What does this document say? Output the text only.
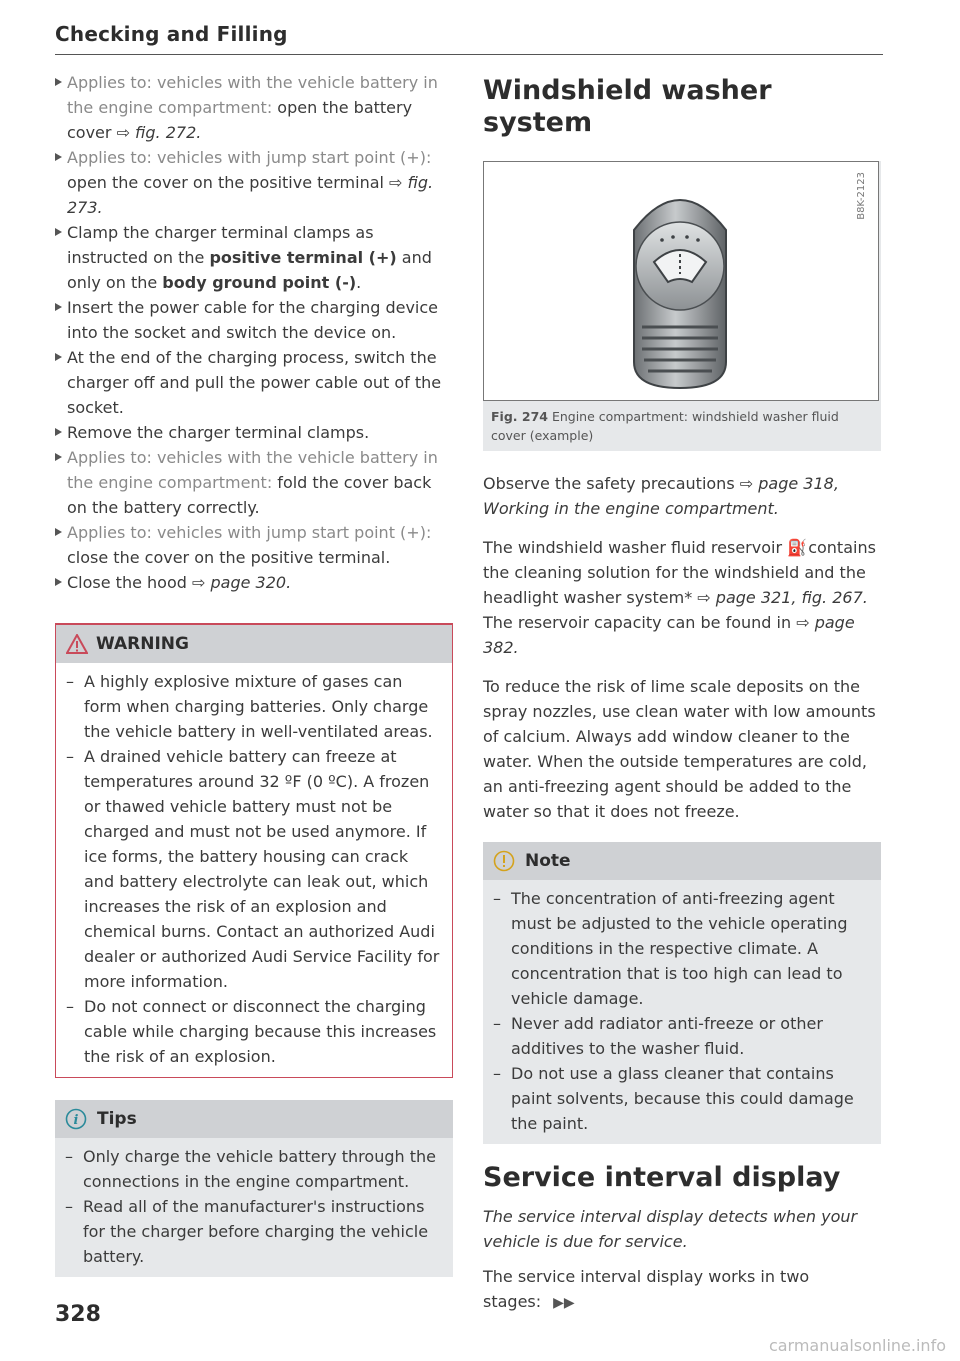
Checking and Filling

Applies to: vehicles with the vehicle battery in the engine compartment: open the battery cover ⇨ fig. 272.

Applies to: vehicles with jump start point (+): open the cover on the positive terminal ⇨ fig. 273.

Clamp the charger terminal clamps as instructed on the positive terminal (+) and only on the body ground point (-).

Insert the power cable for the charging device into the socket and switch the device on.

At the end of the charging process, switch the charger off and pull the power cable out of the socket.

Remove the charger terminal clamps.

Applies to: vehicles with the vehicle battery in the engine compartment: fold the cover back on the battery correctly.

Applies to: vehicles with jump start point (+): close the cover on the positive terminal.

Close the hood ⇨ page 320.

WARNING

– A highly explosive mixture of gases can form when charging batteries. Only charge the vehicle battery in well-ventilated areas.

– A drained vehicle battery can freeze at temperatures around 32 ºF (0 ºC). A frozen or thawed vehicle battery must not be charged and must not be used anymore. If ice forms, the battery housing can crack and battery electrolyte can leak out, which increases the risk of an explosion and chemical burns. Contact an authorized Audi dealer or authorized Audi Service Facility for more information.

– Do not connect or disconnect the charging cable while charging because this increases the risk of an explosion.

i Tips

– Only charge the vehicle battery through the connections in the engine compartment.

– Read all of the manufacturer's instructions for the charger before charging the vehicle battery.

Windshield washer system
B8K-2123
Fig. 274 Engine compartment: windshield washer fluid cover (example)

Observe the safety precautions ⇨ page 318, Working in the engine compartment.

The windshield washer fluid reservoir ⛽ contains the cleaning solution for the windshield and the headlight washer system* ⇨ page 321, fig. 267. The reservoir capacity can be found in ⇨ page 382.

To reduce the risk of lime scale deposits on the spray nozzles, use clean water with low amounts of calcium. Always add window cleaner to the water. When the outside temperatures are cold, an anti-freezing agent should be added to the water so that it does not freeze.

Note

– The concentration of anti-freezing agent must be adjusted to the vehicle operating conditions in the respective climate. A concentration that is too high can lead to vehicle damage.

– Never add radiator anti-freeze or other additives to the washer fluid.

– Do not use a glass cleaner that contains paint solvents, because this could damage the paint.

Service interval display

The service interval display detects when your vehicle is due for service.

The service interval display works in two stages: ▶▶

328
carmanualsonline.info
